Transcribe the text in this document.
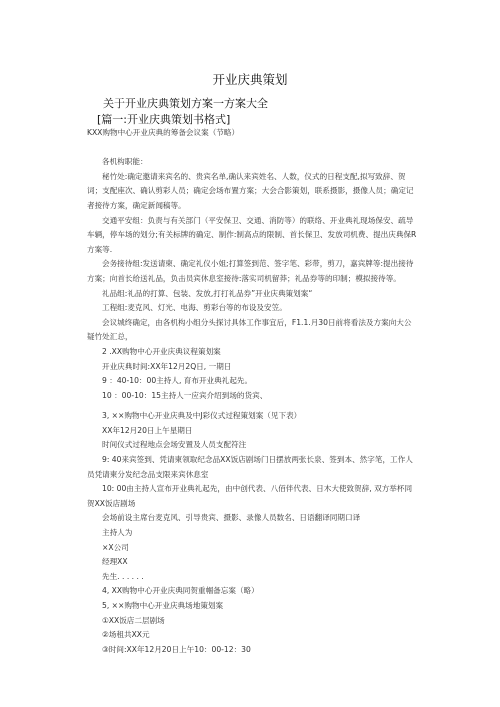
开业庆典策划
关于开业庆典策划方案一方案大全
[篇一:开业庆典策划书格式]

KXX购物中心开业庆典的筹备会议案（节略）

各机构职能：

秘竹处:确定邀请来宾名的、贵宾名单,确认来宾姓名、人数，仪式的日程支配,拟写致辞、贺词；支配座次、确认剪彩人员；确定会场布置方案；大会合影策划，联系摄影，摄像人员；确定记者接待方案，确定新闻稿等。

交通平安组：负责与有关部门（平安保卫、交通、消防等）的联络、开业典礼现场保安、疏导车辆，停车场的划分;有关标牌的确定、制作:制高点的限制、首长保卫、发放司机费、提出庆典保R方案等.

会务接待组:发送请柬、确定礼仪小姐;打算签到范、签字笔、彩带，剪刀，嘉宾牌等:提出接待方案；向首长给送礼品，负击员宾休息室接待:落实司机留莽；礼品券等的印制；模拟接待等。

礼品组:礼品的打算、包装、发放,打打礼品券”开业庆典策划案“

工程组:麦克风、灯光、电海、剪彩台等的布设及安笠。

会议城终确定，由各机构小组分头探讨具体工作事宜后，F1.1.月30日前将看法及方案向大公疑竹处汇总，

2 .XX购物中心开业庆典议程策划案

开业庆典时间:XX年12月2Q日, 一期日

9 ：40-10：00主持人, 育布开业典礼起先。

10 ：00-10：15主持人一应宾介绍到场的货宾、

3, ××购物中心开业庆典及中J彩仪式过程策划案（见下表）

XX年12月20日上午星期日

时间仪式过程地点会场安置及人员支配符注

9: 40来宾签到、凭请柬领取纪念品XX饭店剧场门日摆放两张长泉、签到本、然字笔，工作人员凭请柬分发纪念品支限来宾休息室

10: 00由主持人宣布开业典礼起先，由中创代表、八佰伴代表、日木大使致贺辞, 双方举杯同贺XX饭店剧场

会场前设主席台麦克风、引导贵宾、摄影、录像人员数名、日语翻译同期口译

主持人为

×X公司

经理XX

先生. . . . . .

4, XX购物中心开业庆典同贺重帼备忘案（略）

5, ××购物中心开业庆典场地策划案

①XX饭店二层剧场

②场租共XX元

③时间:XX年12月20日上午10：00-12：30
